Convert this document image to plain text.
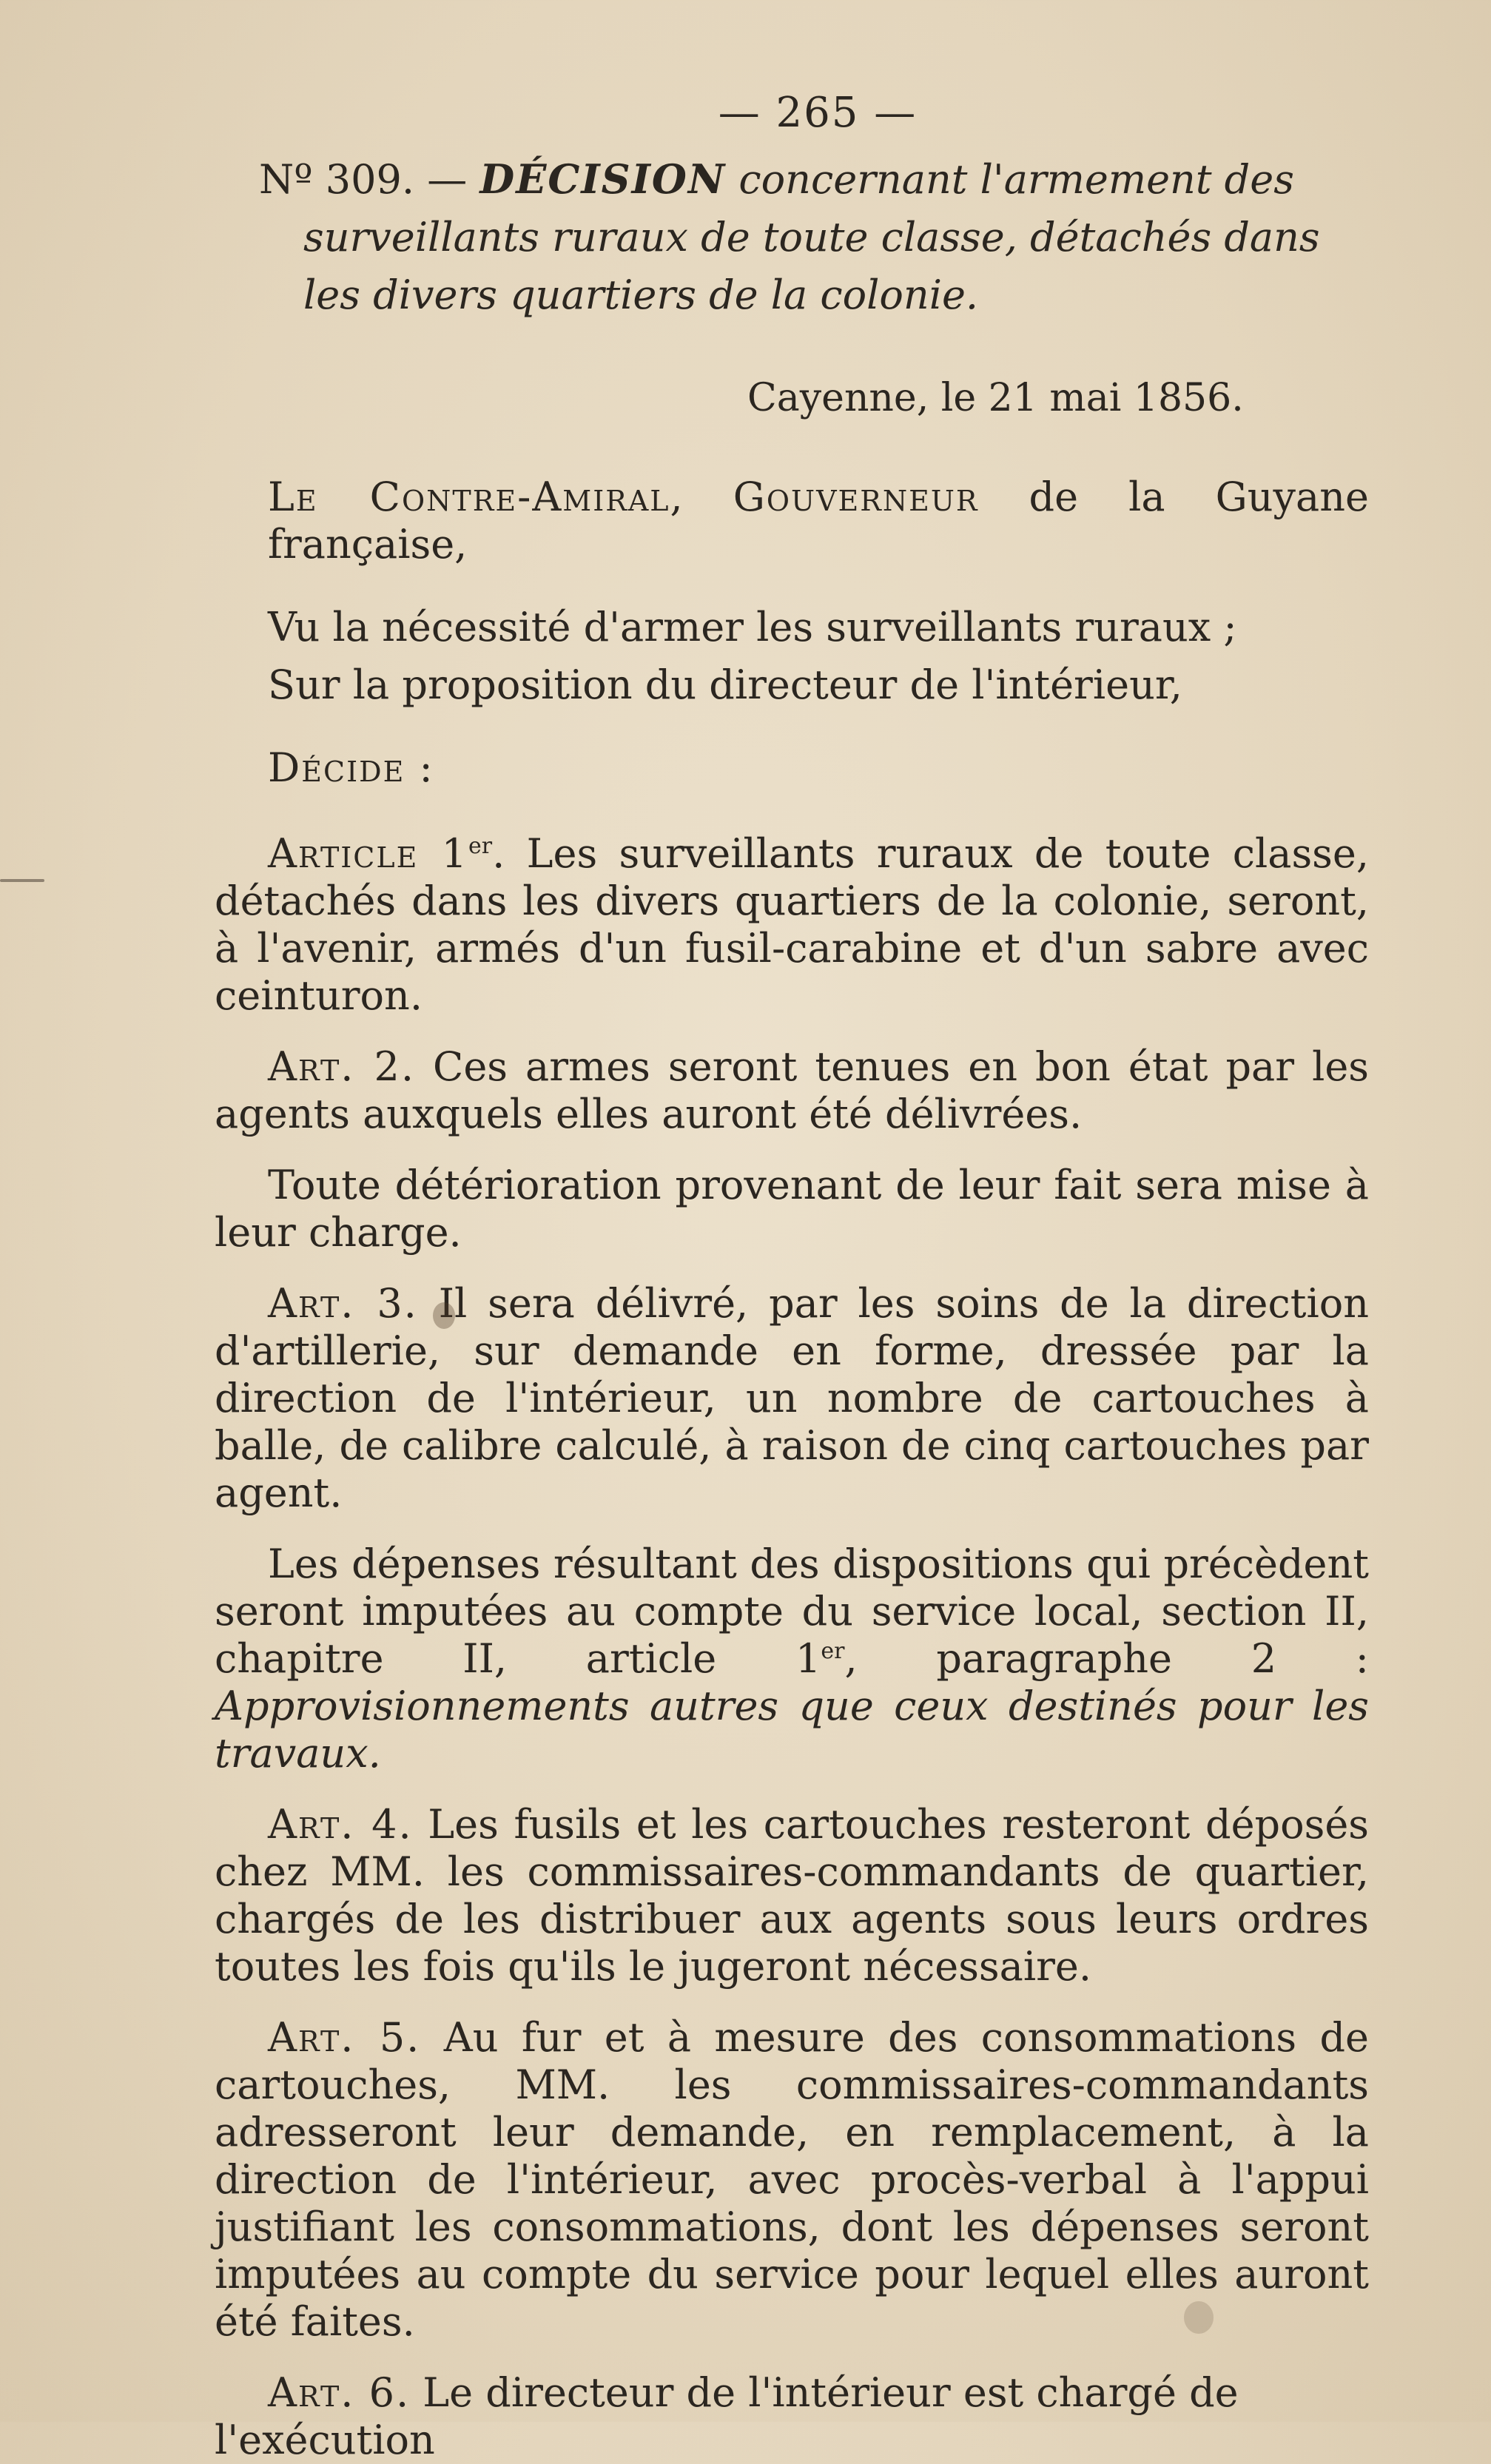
— 265 —
Nº 309. — DÉCISION concernant l'armement des surveillants ruraux de toute classe, détachés dans les divers quartiers de la colonie.
Cayenne, le 21 mai 1856.

Le Contre-Amiral, Gouverneur de la Guyane française,

Vu la nécessité d'armer les surveillants ruraux ;

Sur la proposition du directeur de l'intérieur,

Décide :

Article 1er. Les surveillants ruraux de toute classe, détachés dans les divers quartiers de la colonie, seront, à l'avenir, armés d'un fusil-carabine et d'un sabre avec ceinturon.

Art. 2. Ces armes seront tenues en bon état par les agents auxquels elles auront été délivrées.

Toute détérioration provenant de leur fait sera mise à leur charge.

Art. 3. Il sera délivré, par les soins de la direction d'artillerie, sur demande en forme, dressée par la direction de l'intérieur, un nombre de cartouches à balle, de calibre calculé, à raison de cinq cartouches par agent.

Les dépenses résultant des dispositions qui précèdent seront imputées au compte du service local, section II, chapitre II, article 1er, paragraphe 2 : Approvisionnements autres que ceux destinés pour les travaux.

Art. 4. Les fusils et les cartouches resteront déposés chez MM. les commissaires-commandants de quartier, chargés de les distribuer aux agents sous leurs ordres toutes les fois qu'ils le jugeront nécessaire.

Art. 5. Au fur et à mesure des consommations de cartouches, MM. les commissaires-commandants adresseront leur demande, en remplacement, à la direction de l'intérieur, avec procès-verbal à l'appui justifiant les consommations, dont les dépenses seront imputées au compte du service pour lequel elles auront été faites.

Art. 6. Le directeur de l'intérieur est chargé de l'exécution
